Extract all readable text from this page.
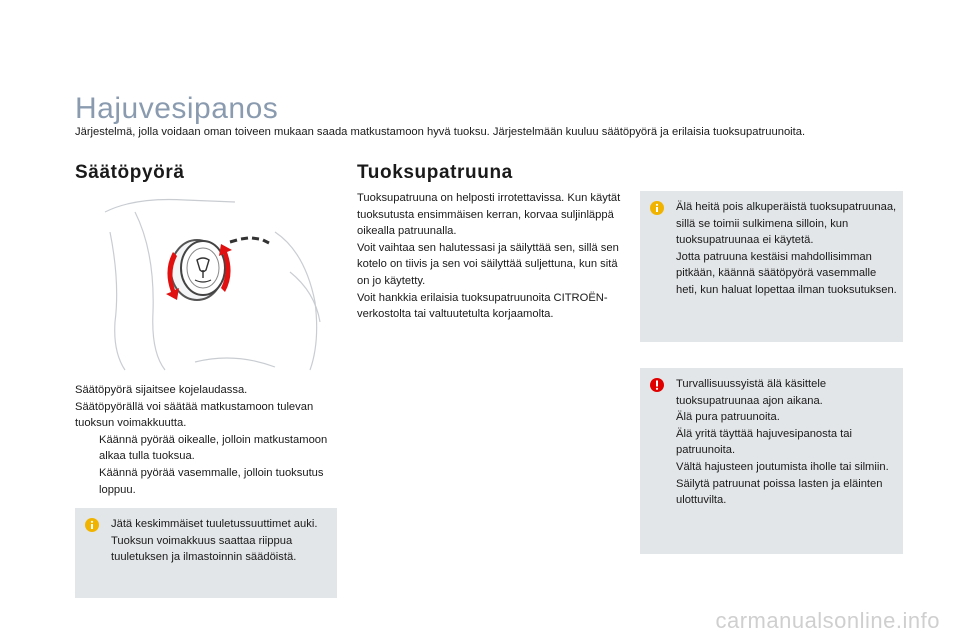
Hajuvesipanos
Järjestelmä, jolla voidaan oman toiveen mukaan saada matkustamoon hyvä tuoksu. Järjestelmään kuuluu säätöpyörä ja erilaisia tuoksupatruunoita.
Säätöpyörä	Tuoksupatruuna

Säätöpyörä sijaitsee kojelaudassa.

Säätöpyörällä voi säätää matkustamoon tulevan tuoksun voimakkuutta.

Käännä pyörää oikealle, jolloin matkustamoon alkaa tulla tuoksua.

Käännä pyörää vasemmalle, jolloin tuoksutus loppuu.

Jätä keskimmäiset tuuletussuuttimet auki.

Tuoksun voimakkuus saattaa riippua tuuletuksen ja ilmastoinnin säädöistä.

Tuoksupatruuna on helposti irrotettavissa. Kun käytät tuoksutusta ensimmäisen kerran, korvaa suljinläppä oikealla patruunalla.

Voit vaihtaa sen halutessasi ja säilyttää sen, sillä sen kotelo on tiivis ja sen voi säilyttää suljettuna, kun sitä on jo käytetty.

Voit hankkia erilaisia tuoksupatruunoita CITROËN-verkostolta tai valtuutetulta korjaamolta.

Älä heitä pois alkuperäistä tuoksupatruunaa, sillä se toimii sulkimena silloin, kun tuoksupatruunaa ei käytetä.

Jotta patruuna kestäisi mahdollisimman pitkään, käännä säätöpyörä vasemmalle heti, kun haluat lopettaa ilman tuoksutuksen.

Turvallisuussyistä älä käsittele tuoksupatruunaa ajon aikana.

Älä pura patruunoita.

Älä yritä täyttää hajuvesipanosta tai patruunoita.

Vältä hajusteen joutumista iholle tai silmiin.

Säilytä patruunat poissa lasten ja eläinten ulottuvilta.

carmanualsonline.info
